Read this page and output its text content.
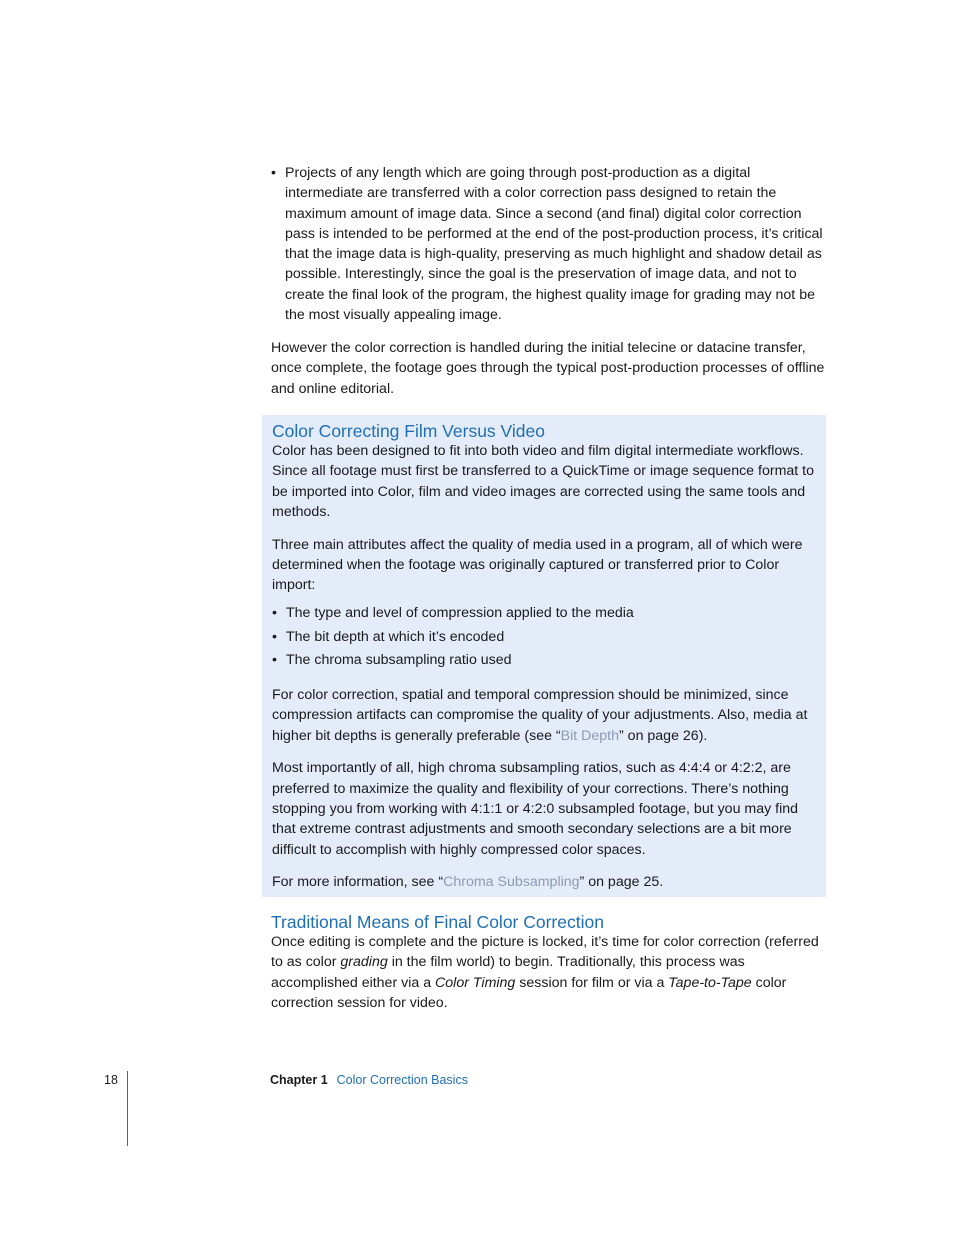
• Projects of any length which are going through post-production as a digital intermediate are transferred with a color correction pass designed to retain the maximum amount of image data. Since a second (and final) digital color correction pass is intended to be performed at the end of the post-production process, it’s critical that the image data is high-quality, preserving as much highlight and shadow detail as possible. Interestingly, since the goal is the preservation of image data, and not to create the final look of the program, the highest quality image for grading may not be the most visually appealing image.

However the color correction is handled during the initial telecine or datacine transfer, once complete, the footage goes through the typical post-production processes of offline and online editorial.

Color Correcting Film Versus Video

Color has been designed to fit into both video and film digital intermediate workflows. Since all footage must first be transferred to a QuickTime or image sequence format to be imported into Color, film and video images are corrected using the same tools and methods.

Three main attributes affect the quality of media used in a program, all of which were determined when the footage was originally captured or transferred prior to Color import:

• The type and level of compression applied to the media
• The bit depth at which it’s encoded
• The chroma subsampling ratio used

For color correction, spatial and temporal compression should be minimized, since compression artifacts can compromise the quality of your adjustments. Also, media at higher bit depths is generally preferable (see “Bit Depth” on page 26).

Most importantly of all, high chroma subsampling ratios, such as 4:4:4 or 4:2:2, are preferred to maximize the quality and flexibility of your corrections. There’s nothing stopping you from working with 4:1:1 or 4:2:0 subsampled footage, but you may find that extreme contrast adjustments and smooth secondary selections are a bit more difficult to accomplish with highly compressed color spaces.

For more information, see “Chroma Subsampling” on page 25.

Traditional Means of Final Color Correction

Once editing is complete and the picture is locked, it’s time for color correction (referred to as color grading in the film world) to begin. Traditionally, this process was accomplished either via a Color Timing session for film or via a Tape-to-Tape color correction session for video.

18	Chapter 1 Color Correction Basics
